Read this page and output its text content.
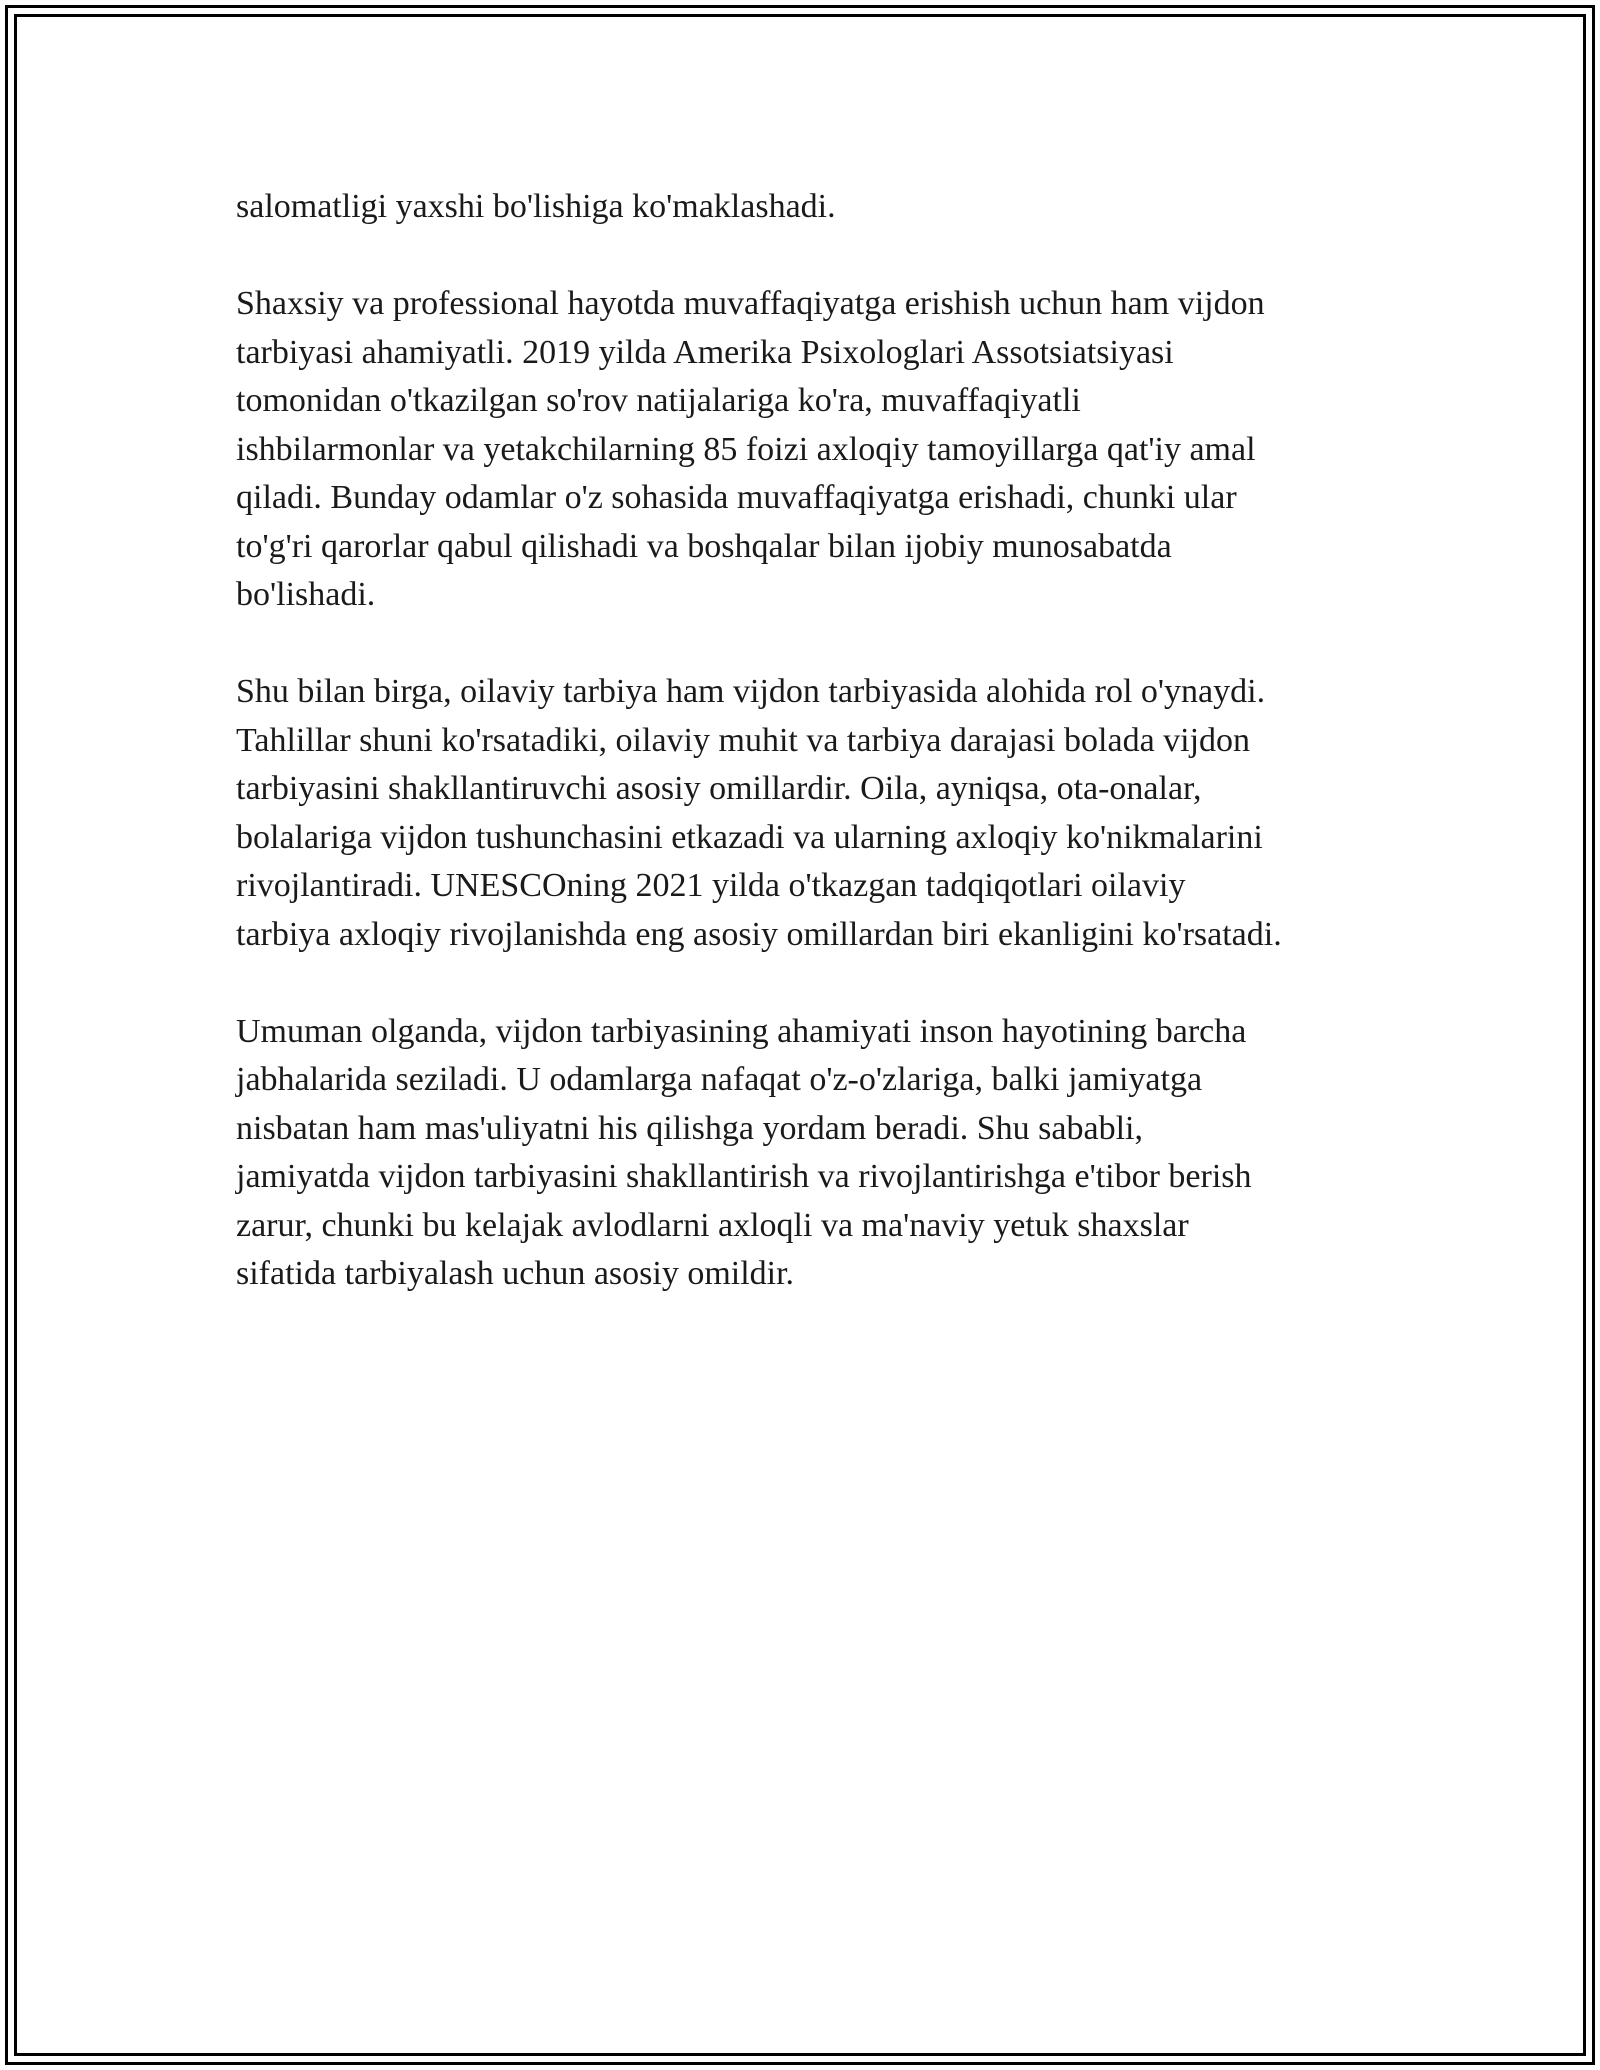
salomatligi yaxshi bo'lishiga ko'maklashadi.

Shaxsiy va professional hayotda muvaffaqiyatga erishish uchun ham vijdon
tarbiyasi ahamiyatli. 2019 yilda Amerika Psixologlari Assotsiatsiyasi
tomonidan o'tkazilgan so'rov natijalariga ko'ra, muvaffaqiyatli
ishbilarmonlar va yetakchilarning 85 foizi axloqiy tamoyillarga qat'iy amal
qiladi. Bunday odamlar o'z sohasida muvaffaqiyatga erishadi, chunki ular
to'g'ri qarorlar qabul qilishadi va boshqalar bilan ijobiy munosabatda
bo'lishadi.

Shu bilan birga, oilaviy tarbiya ham vijdon tarbiyasida alohida rol o'ynaydi.
Tahlillar shuni ko'rsatadiki, oilaviy muhit va tarbiya darajasi bolada vijdon
tarbiyasini shakllantiruvchi asosiy omillardir. Oila, ayniqsa, ota-onalar,
bolalariga vijdon tushunchasini etkazadi va ularning axloqiy ko'nikmalarini
rivojlantiradi. UNESCOning 2021 yilda o'tkazgan tadqiqotlari oilaviy
tarbiya axloqiy rivojlanishda eng asosiy omillardan biri ekanligini ko'rsatadi.

Umuman olganda, vijdon tarbiyasining ahamiyati inson hayotining barcha
jabhalarida seziladi. U odamlarga nafaqat o'z-o'zlariga, balki jamiyatga
nisbatan ham mas'uliyatni his qilishga yordam beradi. Shu sababli,
jamiyatda vijdon tarbiyasini shakllantirish va rivojlantirishga e'tibor berish
zarur, chunki bu kelajak avlodlarni axloqli va ma'naviy yetuk shaxslar
sifatida tarbiyalash uchun asosiy omildir.
